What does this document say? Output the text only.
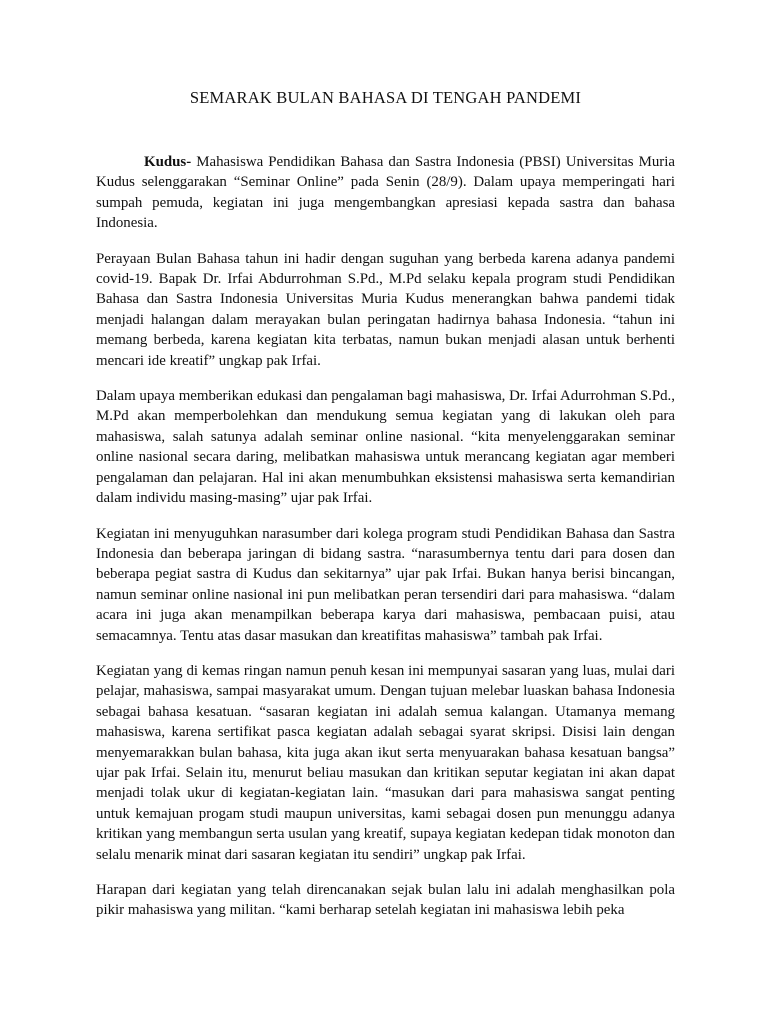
SEMARAK BULAN BAHASA DI TENGAH PANDEMI

Kudus- Mahasiswa Pendidikan Bahasa dan Sastra Indonesia (PBSI) Universitas Muria Kudus selenggarakan “Seminar Online” pada Senin (28/9). Dalam upaya memperingati hari sumpah pemuda, kegiatan ini juga mengembangkan apresiasi kepada sastra dan bahasa Indonesia.

Perayaan Bulan Bahasa tahun ini hadir dengan suguhan yang berbeda karena adanya pandemi covid-19. Bapak Dr. Irfai Abdurrohman S.Pd., M.Pd selaku kepala program studi Pendidikan Bahasa dan Sastra Indonesia Universitas Muria Kudus menerangkan bahwa pandemi tidak menjadi halangan dalam merayakan bulan peringatan hadirnya bahasa Indonesia. “tahun ini memang berbeda, karena kegiatan kita terbatas, namun bukan menjadi alasan untuk berhenti mencari ide kreatif” ungkap pak Irfai.

Dalam upaya memberikan edukasi dan pengalaman bagi mahasiswa, Dr. Irfai Adurrohman S.Pd., M.Pd akan memperbolehkan dan mendukung semua kegiatan yang di lakukan oleh para mahasiswa, salah satunya adalah seminar online nasional. “kita menyelenggarakan seminar online nasional secara daring, melibatkan mahasiswa untuk merancang kegiatan agar memberi pengalaman dan pelajaran. Hal ini akan menumbuhkan eksistensi mahasiswa serta kemandirian dalam individu masing-masing” ujar pak Irfai.

Kegiatan ini menyuguhkan narasumber dari kolega program studi Pendidikan Bahasa dan Sastra Indonesia dan beberapa jaringan di bidang sastra. “narasumbernya tentu dari para dosen dan beberapa pegiat sastra di Kudus dan sekitarnya” ujar pak Irfai. Bukan hanya berisi bincangan, namun seminar online nasional ini pun melibatkan peran tersendiri dari para mahasiswa. “dalam acara ini juga akan menampilkan beberapa karya dari mahasiswa, pembacaan puisi, atau semacamnya. Tentu atas dasar masukan dan kreatifitas mahasiswa” tambah pak Irfai.

Kegiatan yang di kemas ringan namun penuh kesan ini mempunyai sasaran yang luas, mulai dari pelajar, mahasiswa, sampai masyarakat umum. Dengan tujuan melebar luaskan bahasa Indonesia sebagai bahasa kesatuan. “sasaran kegiatan ini adalah semua kalangan. Utamanya memang mahasiswa, karena sertifikat pasca kegiatan adalah sebagai syarat skripsi. Disisi lain dengan menyemarakkan bulan bahasa, kita juga akan ikut serta menyuarakan bahasa kesatuan bangsa” ujar pak Irfai. Selain itu, menurut beliau masukan dan kritikan seputar kegiatan ini akan dapat menjadi tolak ukur di kegiatan-kegiatan lain. “masukan dari para mahasiswa sangat penting untuk kemajuan progam studi maupun universitas, kami sebagai dosen pun menunggu adanya kritikan yang membangun serta usulan yang kreatif, supaya kegiatan kedepan tidak monoton dan selalu menarik minat dari sasaran kegiatan itu sendiri” ungkap pak Irfai.

Harapan dari kegiatan yang telah direncanakan sejak bulan lalu ini adalah menghasilkan pola pikir mahasiswa yang militan. “kami berharap setelah kegiatan ini mahasiswa lebih peka
